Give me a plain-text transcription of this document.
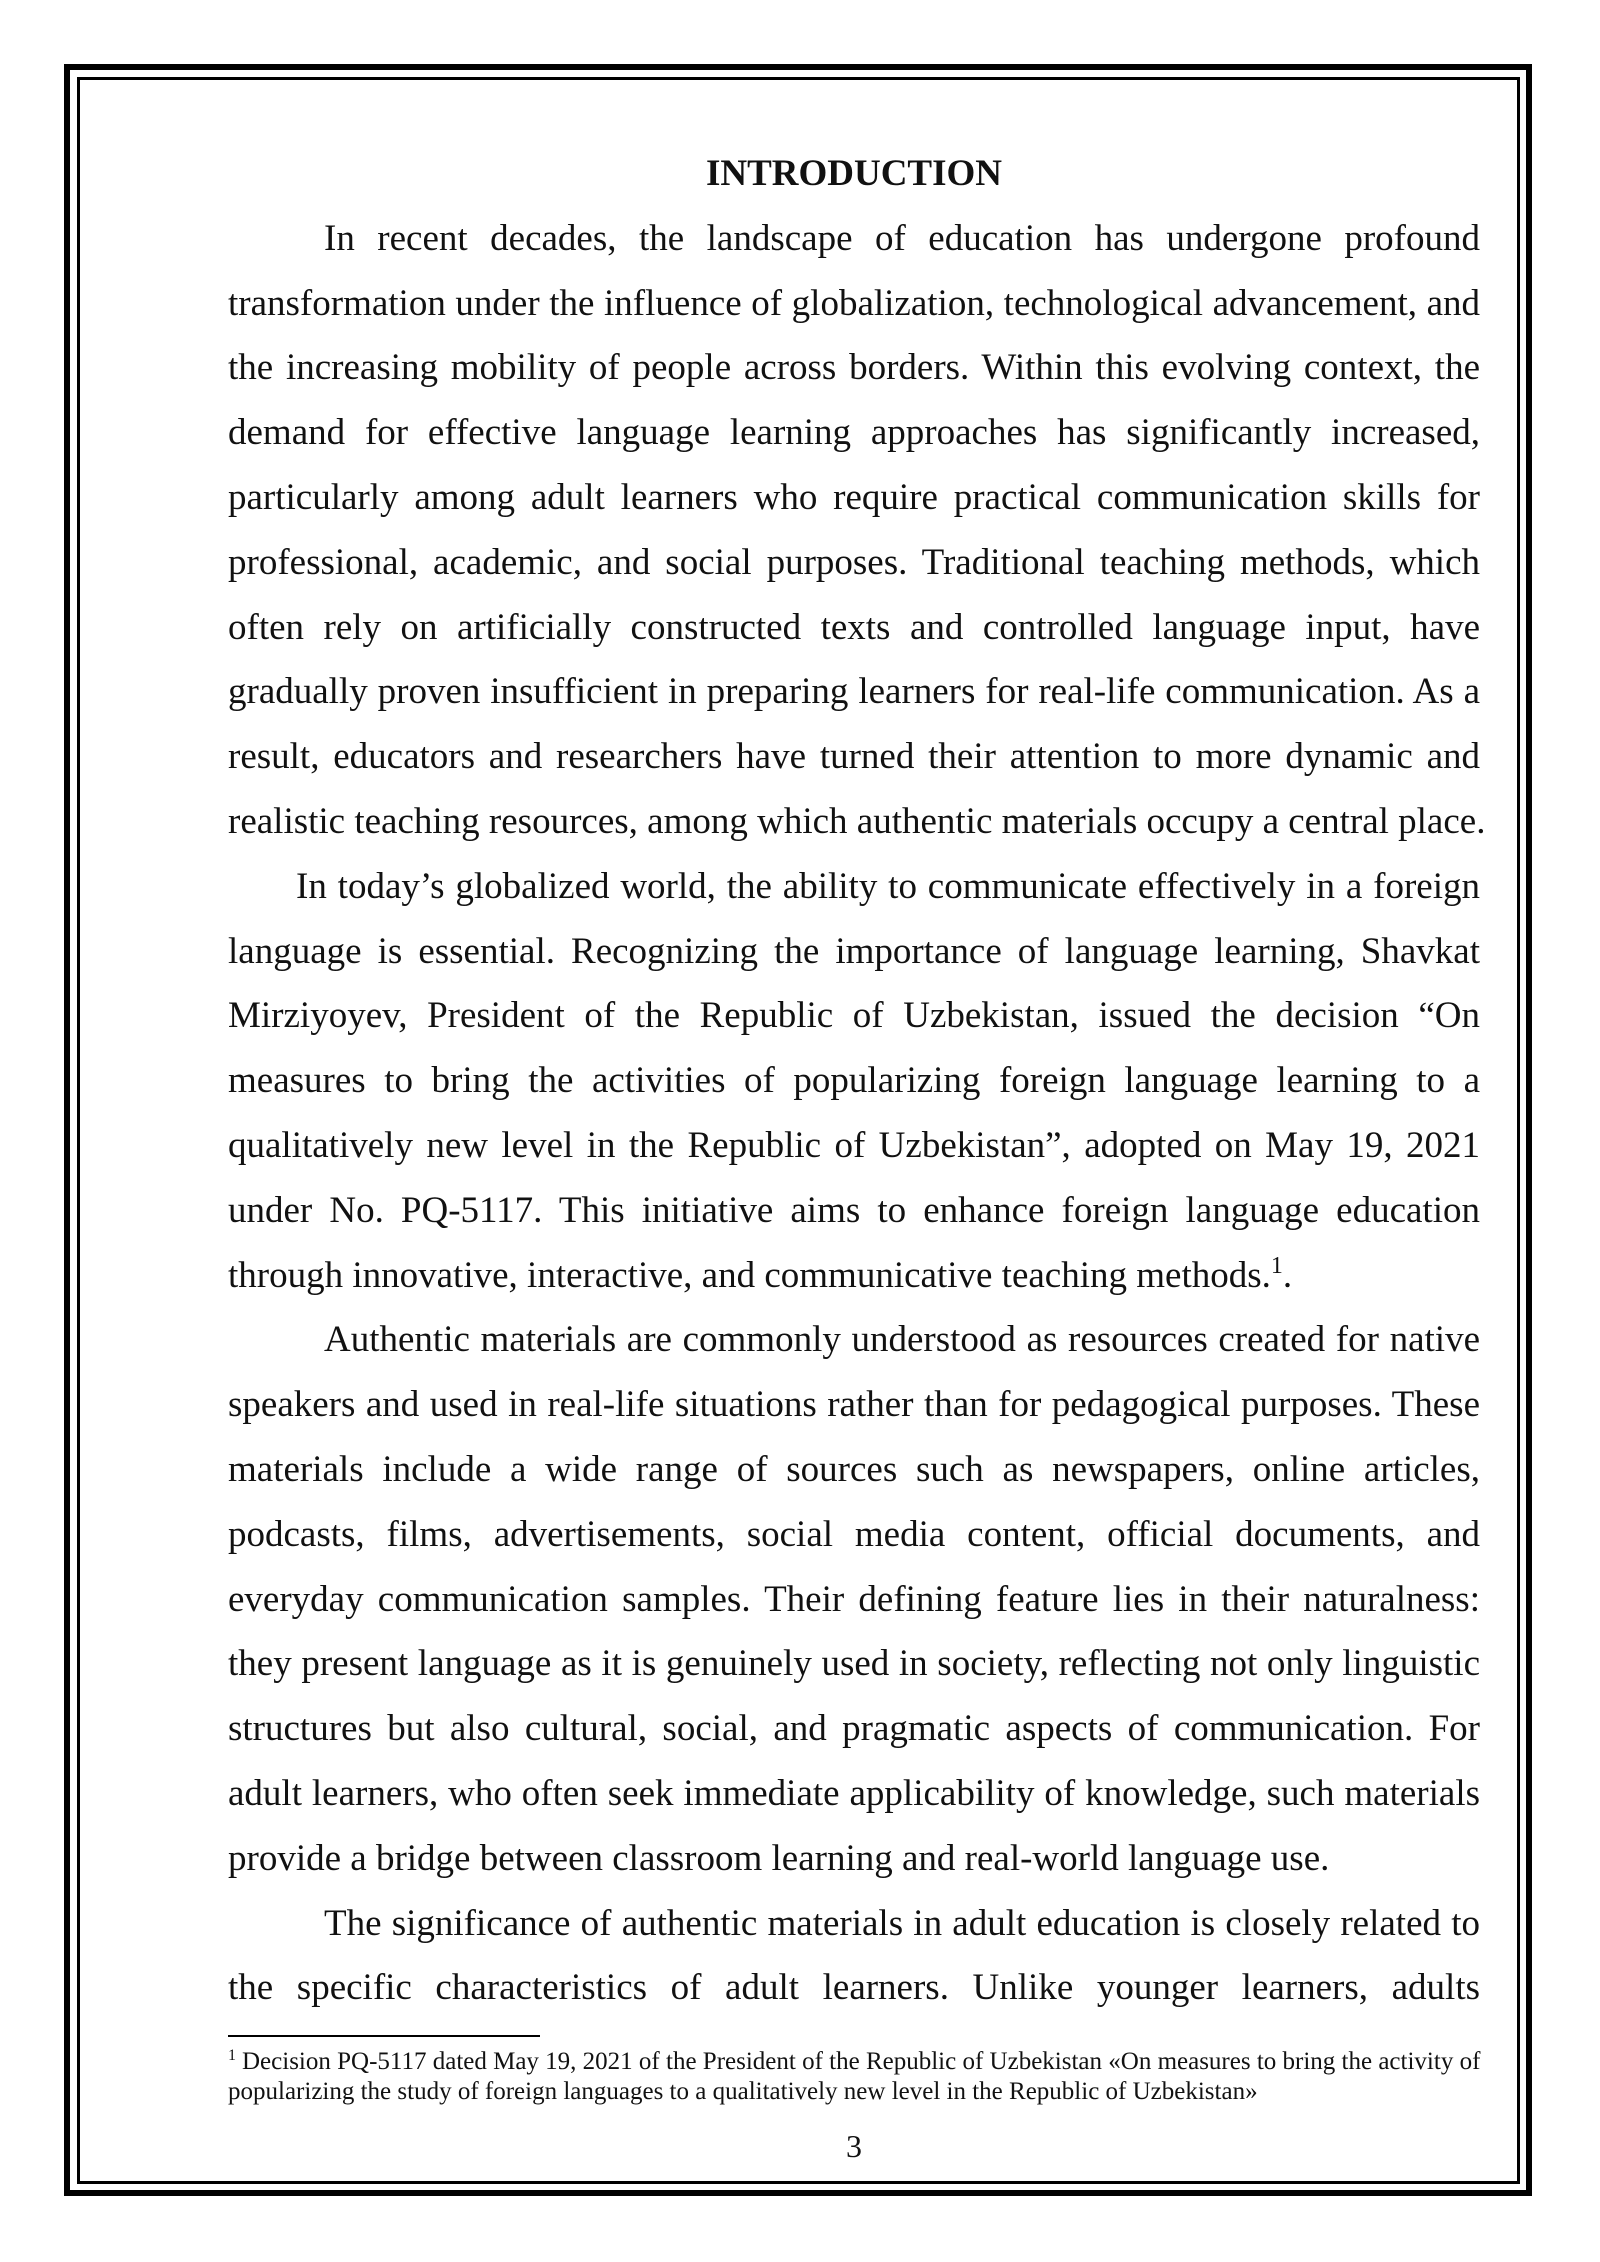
INTRODUCTION
In recent decades, the landscape of education has undergone profound
transformation under the influence of globalization, technological advancement, and
the increasing mobility of people across borders. Within this evolving context, the
demand for effective language learning approaches has significantly increased,
particularly among adult learners who require practical communication skills for
professional, academic, and social purposes. Traditional teaching methods, which
often rely on artificially constructed texts and controlled language input, have
gradually proven insufficient in preparing learners for real-life communication. As a
result, educators and researchers have turned their attention to more dynamic and
realistic teaching resources, among which authentic materials occupy a central place.
In today’s globalized world, the ability to communicate effectively in a foreign
language is essential. Recognizing the importance of language learning, Shavkat
Mirziyoyev, President of the Republic of Uzbekistan, issued the decision “On
measures to bring the activities of popularizing foreign language learning to a
qualitatively new level in the Republic of Uzbekistan”, adopted on May 19, 2021
under No. PQ-5117. This initiative aims to enhance foreign language education
through innovative, interactive, and communicative teaching methods.$^1$.
Authentic materials are commonly understood as resources created for native
speakers and used in real-life situations rather than for pedagogical purposes. These
materials include a wide range of sources such as newspapers, online articles,
podcasts, films, advertisements, social media content, official documents, and
everyday communication samples. Their defining feature lies in their naturalness:
they present language as it is genuinely used in society, reflecting not only linguistic
structures but also cultural, social, and pragmatic aspects of communication. For
adult learners, who often seek immediate applicability of knowledge, such materials
provide a bridge between classroom learning and real-world language use.
The significance of authentic materials in adult education is closely related to
the specific characteristics of adult learners. Unlike younger learners, adults
$^1$ Decision PQ-5117 dated May 19, 2021 of the President of the Republic of Uzbekistan «On measures to bring the activity of
popularizing the study of foreign languages to a qualitatively new level in the Republic of Uzbekistan»
3
